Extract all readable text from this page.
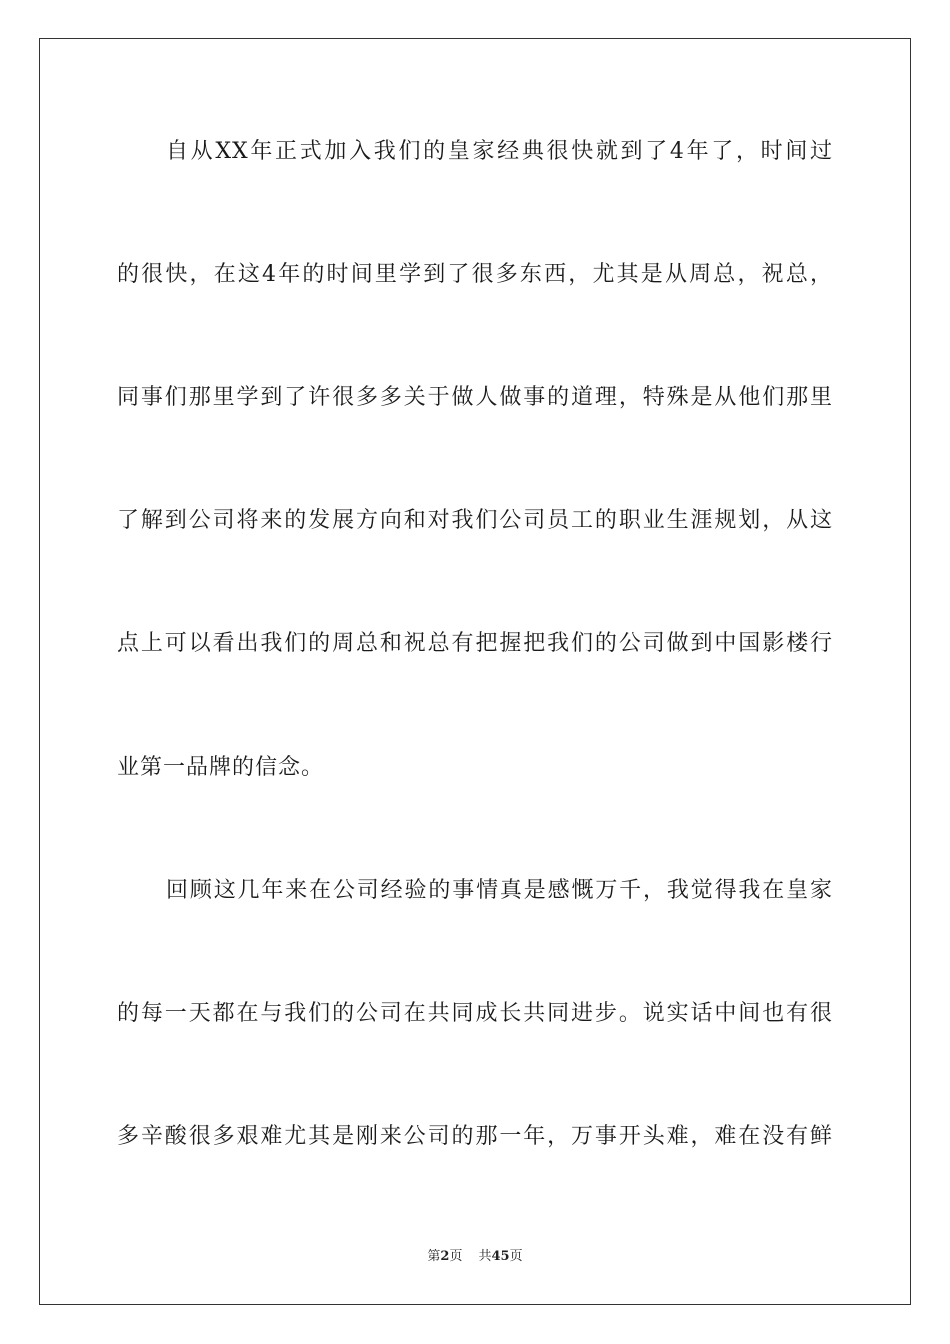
自从XX年正式加入我们的皇家经典很快就到了4年了，时间过
的很快，在这4年的时间里学到了很多东西，尤其是从周总，祝总，
同事们那里学到了许很多多关于做人做事的道理，特殊是从他们那里
了解到公司将来的发展方向和对我们公司员工的职业生涯规划，从这
点上可以看出我们的周总和祝总有把握把我们的公司做到中国影楼行
业第一品牌的信念。
回顾这几年来在公司经验的事情真是感慨万千，我觉得我在皇家
的每一天都在与我们的公司在共同成长共同进步。说实话中间也有很
多辛酸很多艰难尤其是刚来公司的那一年，万事开头难，难在没有鲜
第2页 共45页
